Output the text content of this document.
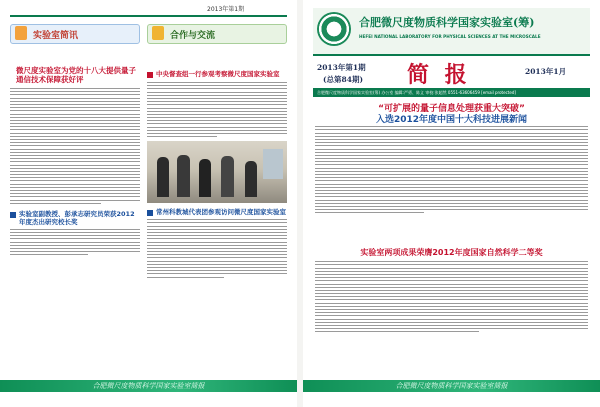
2013年第1期
实验室简讯
微尺度实验室为党的十八大提供量子通信技术保障获好评
实验室副教授、彭承志研究员荣获2012年度杰出研究校长奖
合作与交流
中央督查组一行参观考察微尺度国家实验室
常州科教城代表团参观访问微尺度国家实验室
合肥微尺度物质科学国家实验室简报
合肥微尺度物质科学国家实验室(筹)
HEFEI NATIONAL LABORATORY FOR PHYSICAL SCIENCES AT THE MICROSCALE
2013年第1期
(总第84期) 简 报	2013年1月
合肥微尺度物质科学国家实验室(筹) 办公室 编辑:严勇、陈义 审校:张超然 0551-63606459 [email protected]
“可扩展的量子信息处理获重大突破”
入选2012年度中国十大科技进展新闻
实验室两项成果荣膺2012年度国家自然科学二等奖
合肥微尺度物质科学国家实验室简报
